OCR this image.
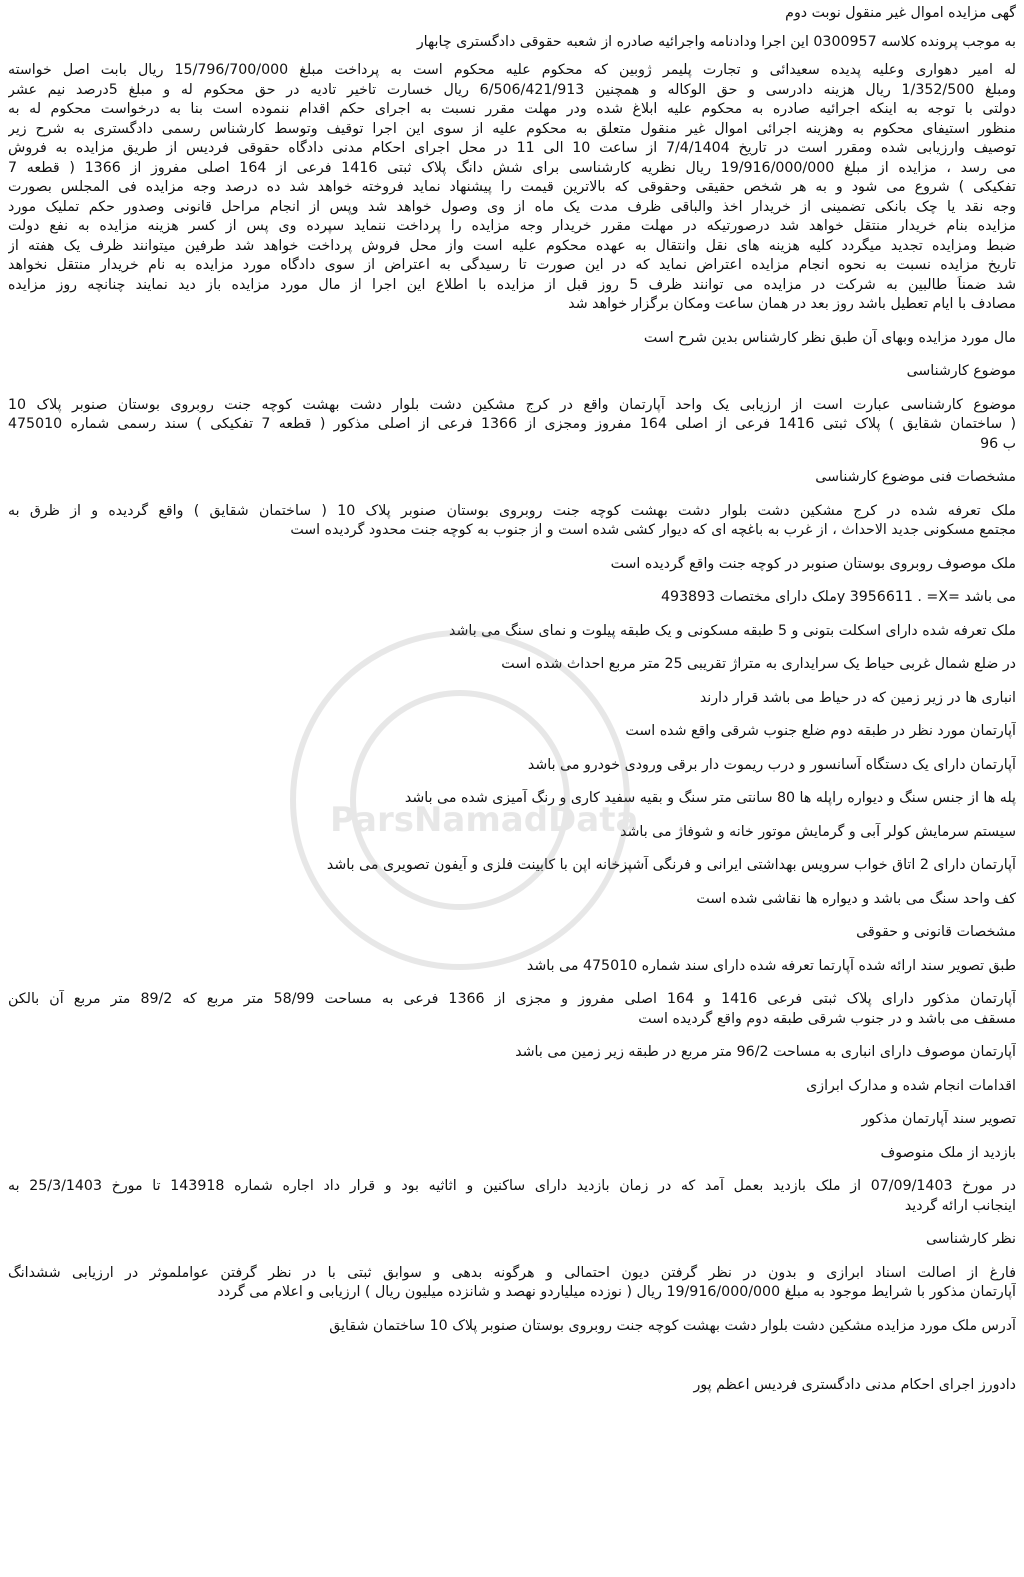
ParsNamadData
گهی مزایده اموال غیر منقول نوبت دوم
به موجب پرونده کلاسه 0300957 این اجرا ودادنامه واجرائیه صادره از شعبه حقوقی دادگستری چابهار
له امیر دهواری وعلیه پدیده سعیدائی و تجارت پلیمر ژوبین که محکوم علیه محکوم است به پرداخت مبلغ 15/796/700/000 ریال بابت اصل خواسته
ومبلغ 1/352/500 ریال هزینه دادرسی و حق الوکاله و همچنین 6/506/421/913 ریال خسارت تاخیر تادیه در حق محکوم له و مبلغ 5درصد نیم عشر
دولتی با توجه به اینکه اجرائیه صادره به محکوم علیه ابلاغ شده ودر مهلت مقرر نسبت به اجرای حکم اقدام ننموده است بنا به درخواست محکوم له به
منظور استیفای محکوم به وهزینه اجرائی اموال غیر منقول متعلق به محکوم علیه از سوی این اجرا توقیف وتوسط کارشناس رسمی دادگستری به شرح زیر
توصیف وارزیابی شده ومقرر است در تاریخ 7/4/1404 از ساعت 10 الی 11 در محل اجرای احکام مدنی دادگاه حقوقی فردیس از طریق مزایده به فروش
می رسد ، مزایده از مبلغ 19/916/000/000 ریال نظریه کارشناسی برای شش دانگ پلاک ثبتی 1416 فرعی از 164 اصلی مفروز از 1366 ( قطعه 7
تفکیکی ) شروع می شود و به هر شخص حقیقی وحقوقی که بالاترین قیمت را پیشنهاد نماید فروخته خواهد شد ده درصد وجه مزایده فی المجلس بصورت
وجه نقد یا چک بانکی تضمینی از خریدار اخذ والباقی ظرف مدت یک ماه از وی وصول خواهد شد وپس از انجام مراحل قانونی وصدور حکم تملیک مورد
مزایده بنام خریدار منتقل خواهد شد درصورتیکه در مهلت مقرر خریدار وجه مزایده را پرداخت ننماید سپرده وی پس از کسر هزینه مزایده به نفع دولت
ضبط ومزایده تجدید میگردد کلیه هزینه های نقل وانتقال به عهده محکوم علیه است واز محل فروش پرداخت خواهد شد طرفین میتوانند ظرف یک هفته از
تاریخ مزایده نسبت به نحوه انجام مزایده اعتراض نماید که در این صورت تا رسیدگی به اعتراض از سوی دادگاه مورد مزایده به نام خریدار منتقل نخواهد
شد ضمناً طالبین به شرکت در مزایده می توانند ظرف 5 روز قبل از مزایده با اطلاع این اجرا از مال مورد مزایده باز دید نمایند چنانچه روز مزایده
مصادف با ایام تعطیل باشد روز بعد در همان ساعت ومکان برگزار خواهد شد
مال مورد مزایده وبهای آن طبق نظر کارشناس بدین شرح است
موضوع کارشناسی
موضوع کارشناسی عبارت است از ارزیابی یک واحد آپارتمان واقع در کرج مشکین دشت بلوار دشت بهشت کوچه جنت روبروی بوستان صنوبر پلاک 10
( ساختمان شقایق ) پلاک ثبتی 1416 فرعی از اصلی 164 مفروز ومجزی از 1366 فرعی از اصلی مذکور ( قطعه 7 تفکیکی ) سند رسمی شماره 475010
ب 96
مشخصات فنی موضوع کارشناسی
ملک تعرفه شده در کرج مشکین دشت بلوار دشت بهشت کوچه جنت روبروی بوستان صنوبر پلاک 10 ( ساختمان شقایق ) واقع گردیده و از ظرق به
مجتمع مسکونی جدید الاحداث ، از غرب به باغچه ای که دیوار کشی شده است و از جنوب به کوچه جنت محدود گردیده است
ملک موصوف روبروی بوستان صنوبر در کوچه جنت واقع گردیده است
می باشد =y 3956611 . =Xملک دارای مختصات 493893
ملک تعرفه شده دارای اسکلت بتونی و 5 طبقه مسکونی و یک طبقه پیلوت و نمای سنگ می باشد
در ضلع شمال غربی حیاط یک سرایداری به متراژ تقریبی 25 متر مربع احداث شده است
انباری ها در زیر زمین که در حیاط می باشد قرار دارند
آپارتمان مورد نظر در طبقه دوم ضلع جنوب شرقی واقع شده است
آپارتمان دارای یک دستگاه آسانسور و درب ریموت دار برقی ورودی خودرو می باشد
پله ها از جنس سنگ و دیواره راپله ها 80 سانتی متر سنگ و بقیه سفید کاری و رنگ آمیزی شده می باشد
سیستم سرمایش کولر آبی و گرمایش موتور خانه و شوفاژ می باشد
آپارتمان دارای 2 اتاق خواب سرویس بهداشتی ایرانی و فرنگی آشپزخانه اپن با کابینت فلزی و آیفون تصویری می باشد
کف واحد سنگ می باشد و دیواره ها نقاشی شده است
مشخصات قانونی و حقوقی
طبق تصویر سند ارائه شده آپارتما تعرفه شده دارای سند شماره 475010 می باشد
آپارتمان مذکور دارای پلاک ثبتی فرعی 1416 و 164 اصلی مفروز و مجزی از 1366 فرعی به مساحت 58/99 متر مربع که 89/2 متر مربع آن بالکن
مسقف می باشد و در جنوب شرقی طبقه دوم واقع گردیده است
آپارتمان موصوف دارای انباری به مساحت 96/2 متر مربع در طبقه زیر زمین می باشد
اقدامات انجام شده و مدارک ابرازی
تصویر سند آپارتمان مذکور
بازدید از ملک منوصوف
در مورخ 07/09/1403 از ملک بازدید بعمل آمد که در زمان بازدید دارای ساکنین و اثاثیه بود و قرار داد اجاره شماره 143918 تا مورخ 25/3/1403 به
اینجانب ارائه گردید
نظر کارشناسی
فارغ از اصالت اسناد ابرازی و بدون در نظر گرفتن دیون احتمالی و هرگونه بدهی و سوابق ثبتی با در نظر گرفتن عواملموثر در ارزیابی ششدانگ
آپارتمان مذکور با شرایط موجود به مبلغ 19/916/000/000 ریال ( نوزده میلیاردو نهصد و شانزده میلیون ریال ) ارزیابی و اعلام می گردد
آدرس ملک مورد مزایده مشکین دشت بلوار دشت بهشت کوچه جنت روبروی بوستان صنوبر پلاک 10 ساختمان شقایق
دادورز اجرای احکام مدنی دادگستری فردیس اعظم پور
